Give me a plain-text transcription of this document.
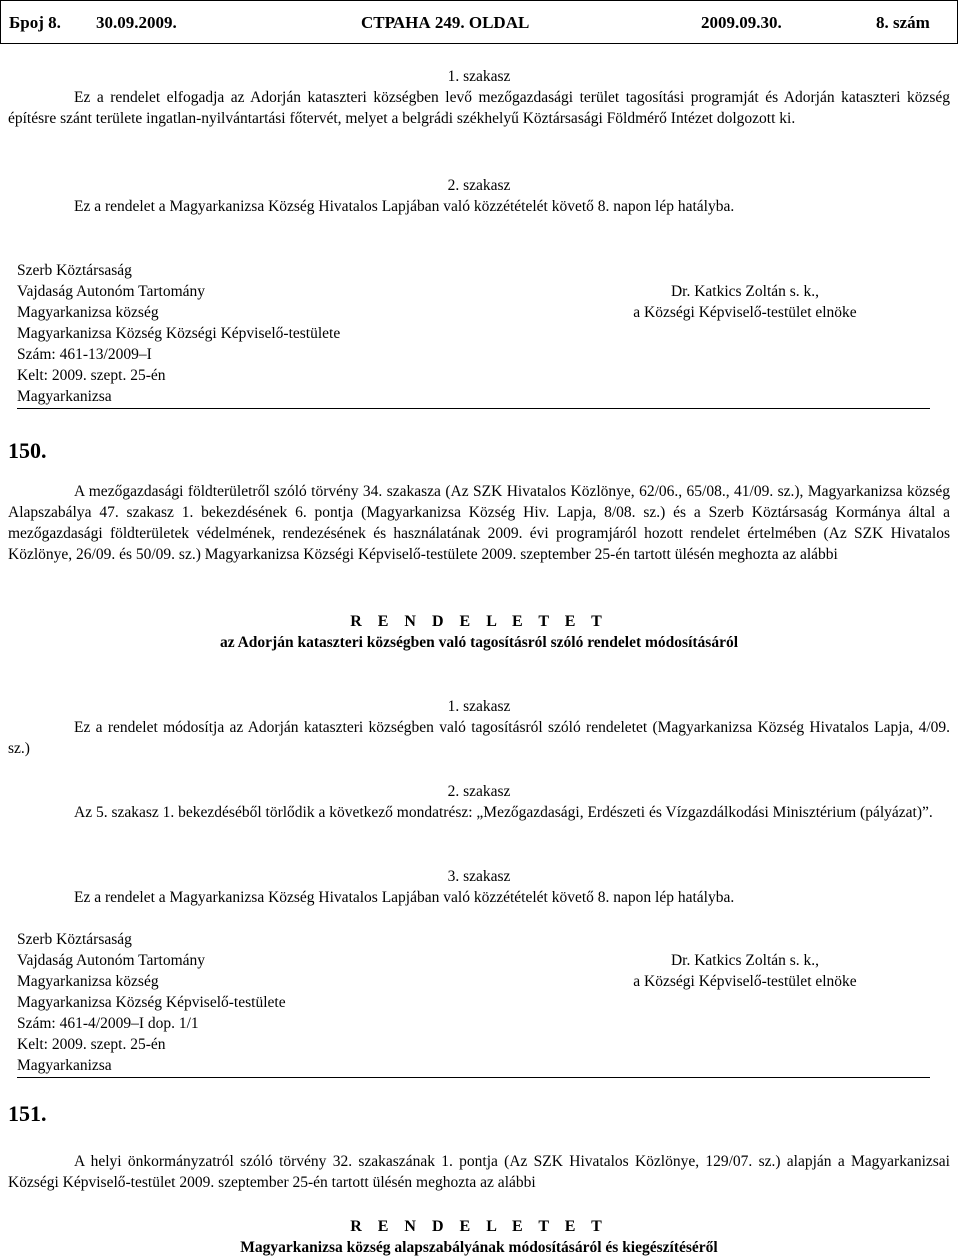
Број 8. 30.09.2009.	СТРАНА 249. OLDAL	2009.09.30.	8. szám
1. szakasz
Ez a rendelet elfogadja az Adorján kataszteri községben levő mezőgazdasági terület tagosítási programját és Adorján kataszteri község építésre szánt területe ingatlan-nyilvántartási főtervét, melyet a belgrádi székhelyű Köztársasági Földmérő Intézet dolgozott ki.
2. szakasz
Ez a rendelet a Magyarkanizsa Község Hivatalos Lapjában való közzétételét követő 8. napon lép hatályba.
Szerb Köztársaság
Vajdaság Autonóm Tartomány
Magyarkanizsa község
Magyarkanizsa Község Községi Képviselő-testülete
Szám: 461-13/2009–I
Kelt: 2009. szept. 25-én
Magyarkanizsa
Dr. Katkics Zoltán s. k.,
a Községi Képviselő-testület elnöke
150.
A mezőgazdasági földterületről szóló törvény 34. szakasza (Az SZK Hivatalos Közlönye, 62/06., 65/08., 41/09. sz.), Magyarkanizsa község Alapszabálya 47. szakasz 1. bekezdésének 6. pontja (Magyarkanizsa Község Hiv. Lapja, 8/08. sz.) és a Szerb Köztársaság Kormánya által a mezőgazdasági földterületek védelmének, rendezésének és használatának 2009. évi programjáról hozott rendelet értelmében (Az SZK Hivatalos Közlönye, 26/09. és 50/09. sz.) Magyarkanizsa Községi Képviselő-testülete 2009. szeptember 25-én tartott ülésén meghozta az alábbi
R E N D E L E T E T
az Adorján kataszteri községben való tagosításról szóló rendelet módosításáról
1. szakasz
Ez a rendelet módosítja az Adorján kataszteri községben való tagosításról szóló rendeletet (Magyarkanizsa Község Hivatalos Lapja, 4/09. sz.)
2. szakasz
Az 5. szakasz 1. bekezdéséből törlődik a következő mondatrész: „Mezőgazdasági, Erdészeti és Vízgazdálkodási Minisztérium (pályázat)”.
3. szakasz
Ez a rendelet a Magyarkanizsa Község Hivatalos Lapjában való közzétételét követő 8. napon lép hatályba.
Szerb Köztársaság
Vajdaság Autonóm Tartomány
Magyarkanizsa község
Magyarkanizsa Község Képviselő-testülete
Szám: 461-4/2009–I dop. 1/1
Kelt: 2009. szept. 25-én
Magyarkanizsa
Dr. Katkics Zoltán s. k.,
a Községi Képviselő-testület elnöke
151.
A helyi önkormányzatról szóló törvény 32. szakaszának 1. pontja (Az SZK Hivatalos Közlönye, 129/07. sz.) alapján a Magyarkanizsai Községi Képviselő-testület 2009. szeptember 25-én tartott ülésén meghozta az alábbi
R E N D E L E T E T
Magyarkanizsa község alapszabályának módosításáról és kiegészítéséről
